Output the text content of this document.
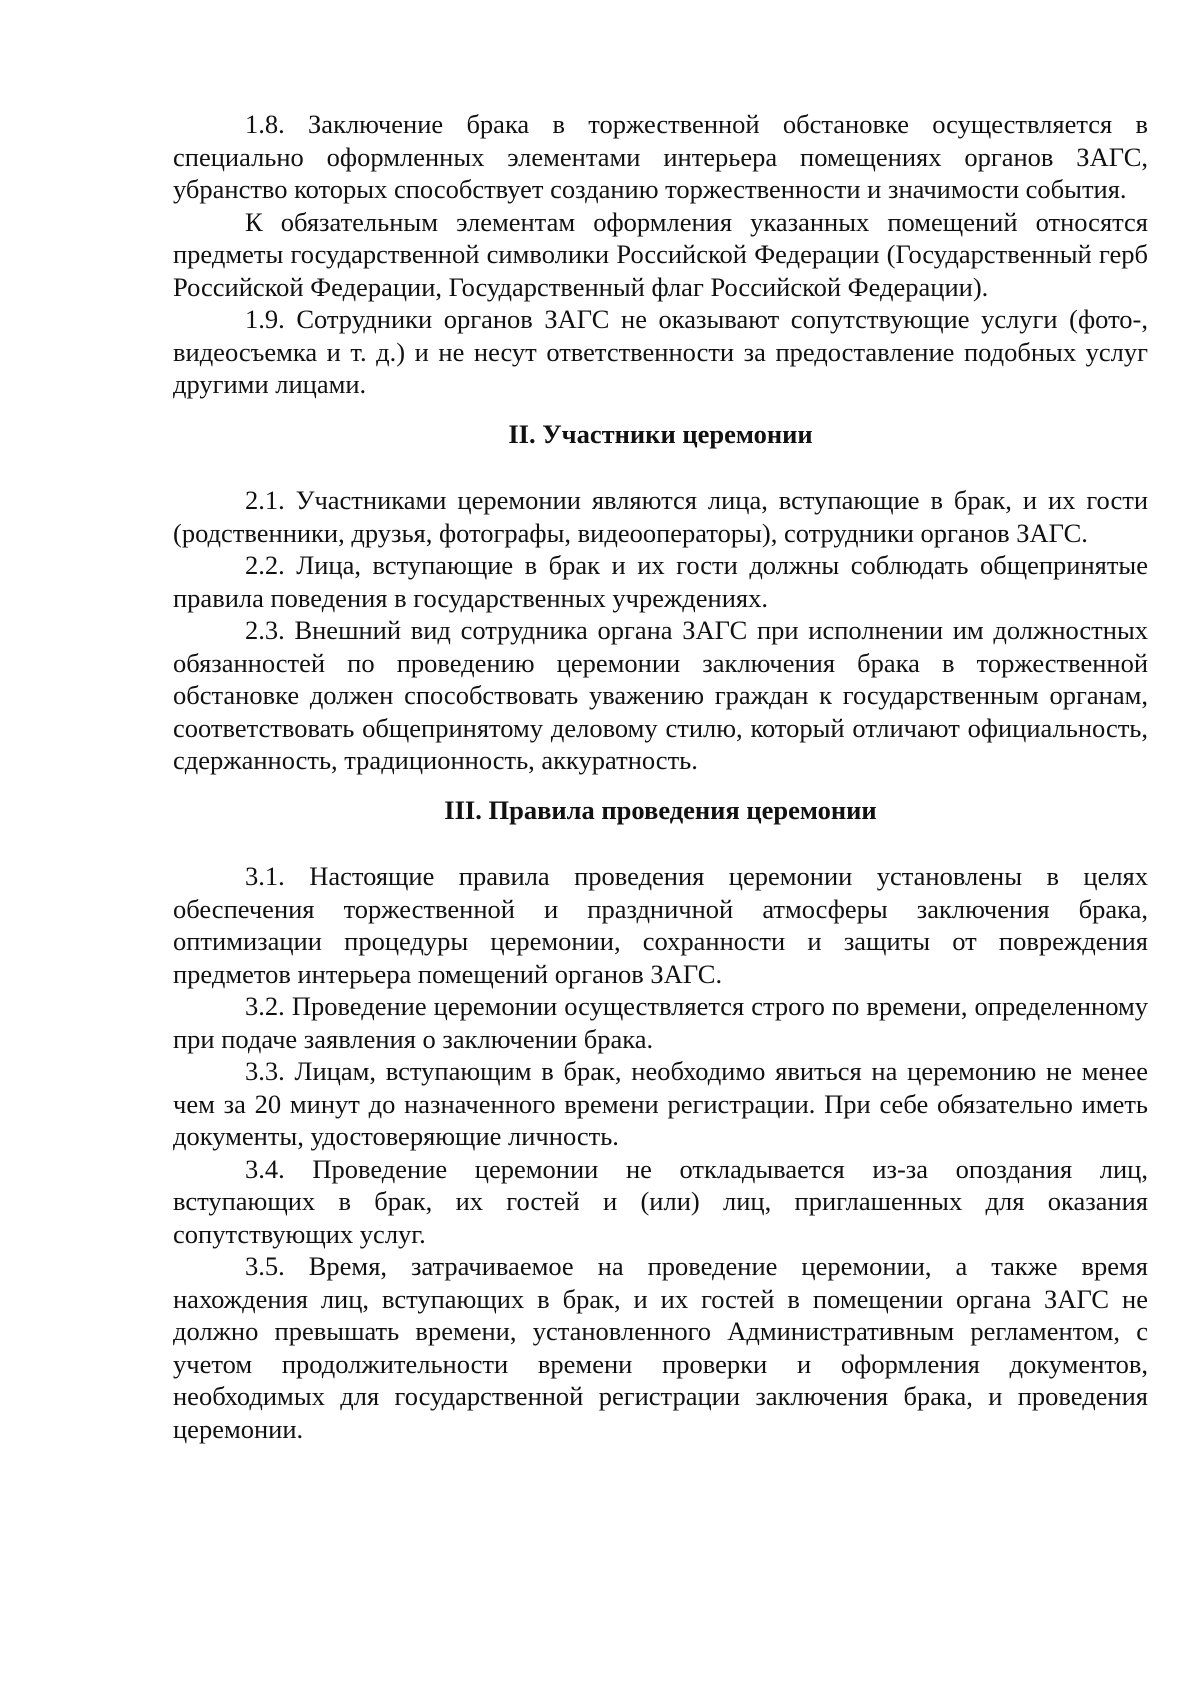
1.8. Заключение брака в торжественной обстановке осуществляется в специально оформленных элементами интерьера помещениях органов ЗАГС, убранство которых способствует созданию торжественности и значимости события.

К обязательным элементам оформления указанных помещений относятся предметы государственной символики Российской Федерации (Государственный герб Российской Федерации, Государственный флаг Российской Федерации).

1.9. Сотрудники органов ЗАГС не оказывают сопутствующие услуги (фото-, видеосъемка и т. д.) и не несут ответственности за предоставление подобных услуг другими лицами.

II. Участники церемонии

2.1. Участниками церемонии являются лица, вступающие в брак, и их гости (родственники, друзья, фотографы, видеооператоры), сотрудники органов ЗАГС.

2.2. Лица, вступающие в брак и их гости должны соблюдать общепринятые правила поведения в государственных учреждениях.

2.3. Внешний вид сотрудника органа ЗАГС при исполнении им должностных обязанностей по проведению церемонии заключения брака в торжественной обстановке должен способствовать уважению граждан к государственным органам, соответствовать общепринятому деловому стилю, который отличают официальность, сдержанность, традиционность, аккуратность.

III. Правила проведения церемонии

3.1. Настоящие правила проведения церемонии установлены в целях обеспечения торжественной и праздничной атмосферы заключения брака, оптимизации процедуры церемонии, сохранности и защиты от повреждения предметов интерьера помещений органов ЗАГС.

3.2. Проведение церемонии осуществляется строго по времени, определенному при подаче заявления о заключении брака.

3.3. Лицам, вступающим в брак, необходимо явиться на церемонию не менее чем за 20 минут до назначенного времени регистрации. При себе обязательно иметь документы, удостоверяющие личность.

3.4. Проведение церемонии не откладывается из-за опоздания лиц, вступающих в брак, их гостей и (или) лиц, приглашенных для оказания сопутствующих услуг.

3.5. Время, затрачиваемое на проведение церемонии, а также время нахождения лиц, вступающих в брак, и их гостей в помещении органа ЗАГС не должно превышать времени, установленного Административным регламентом, с учетом продолжительности времени проверки и оформления документов, необходимых для государственной регистрации заключения брака, и проведения церемонии.
